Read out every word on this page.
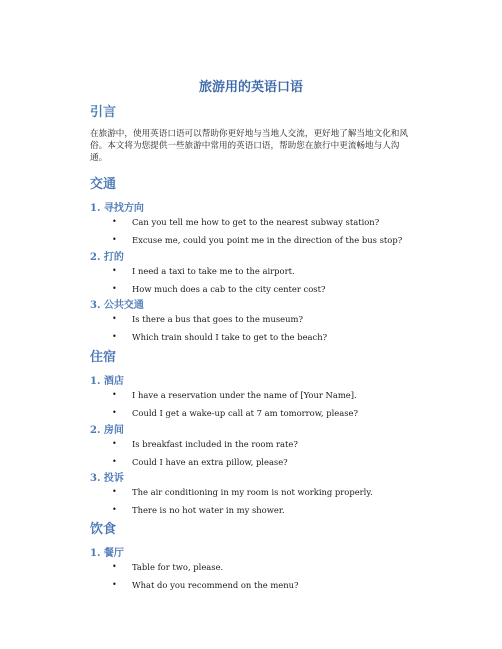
旅游用的英语口语
引言

在旅游中，使用英语口语可以帮助你更好地与当地人交流，更好地了解当地文化和风俗。本文将为您提供一些旅游中常用的英语口语，帮助您在旅行中更流畅地与人沟通。

交通
1. 寻找方向
• Can you tell me how to get to the nearest subway station?
• Excuse me, could you point me in the direction of the bus stop?
2. 打的
• I need a taxi to take me to the airport.
• How much does a cab to the city center cost?
3. 公共交通
• Is there a bus that goes to the museum?
• Which train should I take to get to the beach?
住宿
1. 酒店
• I have a reservation under the name of [Your Name].
• Could I get a wake-up call at 7 am tomorrow, please?
2. 房间
• Is breakfast included in the room rate?
• Could I have an extra pillow, please?
3. 投诉
• The air conditioning in my room is not working properly.
• There is no hot water in my shower.
饮食
1. 餐厅
• Table for two, please.
• What do you recommend on the menu?
